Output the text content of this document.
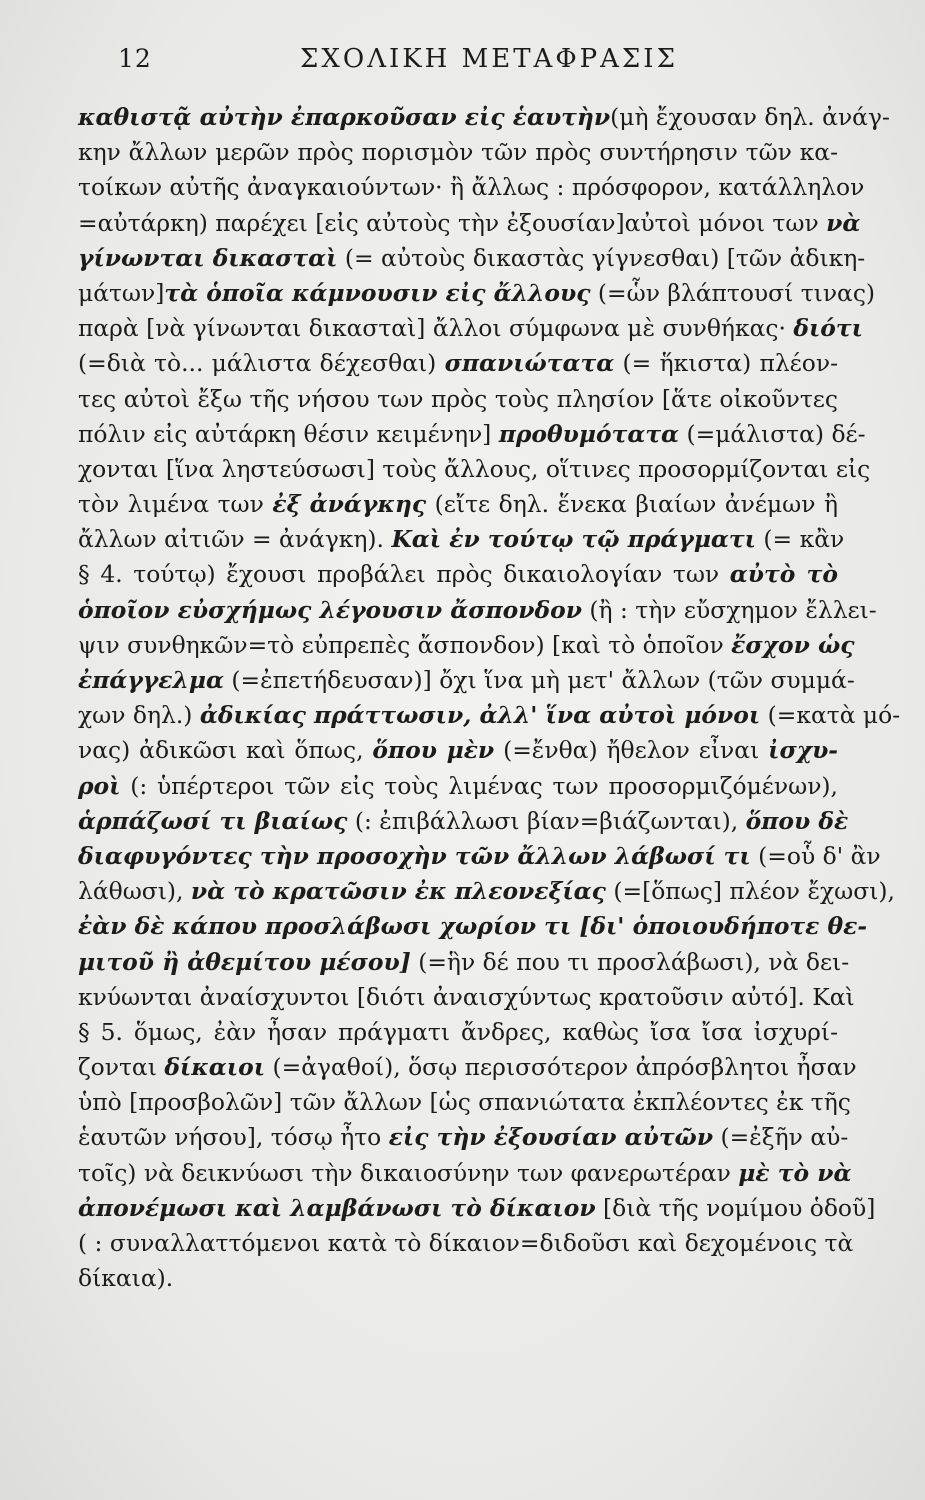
12	ΣΧΟΛΙΚΗ ΜΕΤΑΦΡΑΣΙΣ
καθιστᾷ αὐτὴν ἐπαρκοῦσαν εἰς ἑαυτὴν(μὴ ἔχουσαν δηλ. ἀνάγ-
κην ἄλλων μερῶν πρὸς πορισμὸν τῶν πρὸς συντήρησιν τῶν κα-
τοίκων αὐτῆς ἀναγκαιούντων· ἢ ἄλλως : πρόσφορον, κατάλληλον
=αὐτάρκη) παρέχει [εἰς αὐτοὺς τὴν ἐξουσίαν]αὐτοὶ μόνοι των νὰ
γίνωνται δικασταὶ (= αὐτοὺς δικαστὰς γίγνεσθαι) [τῶν ἀδικη-
μάτων]τὰ ὁποῖα κάμνουσιν εἰς ἄλλους (=ὧν βλάπτουσί τινας)
παρὰ [νὰ γίνωνται δικασταὶ] ἄλλοι σύμφωνα μὲ συνθήκας· διότι
(=διὰ τὸ... μάλιστα δέχεσθαι) σπανιώτατα (= ἥκιστα) πλέον-
τες αὐτοὶ ἔξω τῆς νήσου των πρὸς τοὺς πλησίον [ἅτε οἰκοῦντες
πόλιν εἰς αὐτάρκη θέσιν κειμένην] προθυμότατα (=μάλιστα) δέ-
χονται [ἵνα ληστεύσωσι] τοὺς ἄλλους, οἵτινες προσορμίζονται εἰς
τὸν λιμένα των ἐξ ἀνάγκης (εἴτε δηλ. ἕνεκα βιαίων ἀνέμων ἢ
ἄλλων αἰτιῶν = ἀνάγκη). Καὶ ἐν τούτῳ τῷ πράγματι (= κἂν
§ 4. τούτῳ) ἔχουσι προβάλει πρὸς δικαιολογίαν των αὐτὸ τὸ
ὁποῖον εὐσχήμως λέγουσιν ἄσπονδον (ἢ : τὴν εὔσχημον ἔλλει-
ψιν συνθηκῶν=τὸ εὐπρεπὲς ἄσπονδον) [καὶ τὸ ὁποῖον ἔσχον ὡς
ἐπάγγελμα (=ἐπετήδευσαν)] ὄχι ἵνα μὴ μετ' ἄλλων (τῶν συμμά-
χων δηλ.) ἀδικίας πράττωσιν, ἀλλ' ἵνα αὐτοὶ μόνοι (=κατὰ μό-
νας) ἀδικῶσι καὶ ὅπως, ὅπου μὲν (=ἔνθα) ἤθελον εἶναι ἰσχυ-
ροὶ (: ὑπέρτεροι τῶν εἰς τοὺς λιμένας των προσορμιζόμένων),
ἁρπάζωσί τι βιαίως (: ἐπιβάλλωσι βίαν=βιάζωνται), ὅπου δὲ
διαφυγόντες τὴν προσοχὴν τῶν ἄλλων λάβωσί τι (=οὗ δ' ἂν
λάθωσι), νὰ τὸ κρατῶσιν ἐκ πλεονεξίας (=[ὅπως] πλέον ἔχωσι),
ἐὰν δὲ κάπου προσλάβωσι χωρίον τι [δι' ὁποιουδήποτε θε-
μιτοῦ ἢ ἀθεμίτου μέσου] (=ἣν δέ που τι προσλάβωσι), νὰ δει-
κνύωνται ἀναίσχυντοι [διότι ἀναισχύντως κρατοῦσιν αὐτό]. Καὶ
§ 5. ὅμως, ἐὰν ἦσαν πράγματι ἄνδρες, καθὼς ἴσα ἴσα ἰσχυρί-
ζονται δίκαιοι (=ἀγαθοί), ὅσῳ περισσότερον ἀπρόσβλητοι ἦσαν
ὑπὸ [προσβολῶν] τῶν ἄλλων [ὡς σπανιώτατα ἐκπλέοντες ἐκ τῆς
ἑαυτῶν νήσου], τόσῳ ἦτο εἰς τὴν ἐξουσίαν αὐτῶν (=ἐξῆν αὐ-
τοῖς) νὰ δεικνύωσι τὴν δικαιοσύνην των φανερωτέραν μὲ τὸ νὰ
ἀπονέμωσι καὶ λαμβάνωσι τὸ δίκαιον [διὰ τῆς νομίμου ὁδοῦ]
( : συναλλαττόμενοι κατὰ τὸ δίκαιον=διδοῦσι καὶ δεχομένοις τὰ
δίκαια).
